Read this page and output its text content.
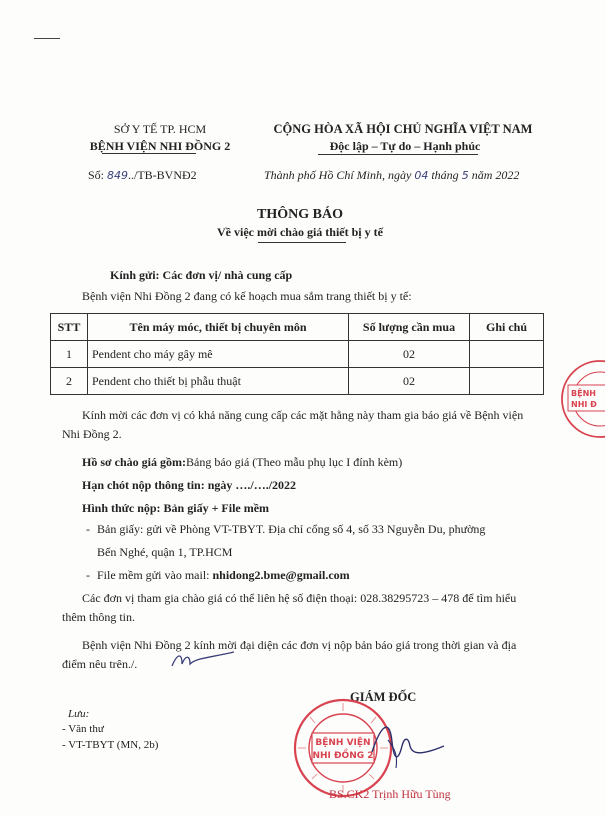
SỞ Y TẾ TP. HCM
BỆNH VIỆN NHI ĐỒNG 2
Số: 849../TB-BVNĐ2
CỘNG HÒA XÃ HỘI CHỦ NGHĨA VIỆT NAM
Độc lập – Tự do – Hạnh phúc
Thành phố Hồ Chí Minh, ngày 04 tháng 5 năm 2022
THÔNG BÁO
Về việc mời chào giá thiết bị y tế
Kính gửi: Các đơn vị/ nhà cung cấp
Bệnh viện Nhi Đồng 2 đang có kế hoạch mua sắm trang thiết bị y tế:
STT	Tên máy móc, thiết bị chuyên môn	Số lượng cần mua	Ghi chú
1	Pendent cho máy gây mê	02	
2	Pendent cho thiết bị phẫu thuật	02	
Kính mời các đơn vị có khả năng cung cấp các mặt hằng này tham gia báo giá về Bệnh viện Nhi Đồng 2.
Hồ sơ chào giá gồm:Bảng báo giá (Theo mẫu phụ lục I đính kèm)
Hạn chót nộp thông tin: ngày …./…./2022
Hình thức nộp: Bản giấy + File mềm
- Bản giấy: gửi về Phòng VT-TBYT. Địa chỉ cổng số 4, số 33 Nguyễn Du, phường
Bến Nghé, quận 1, TP.HCM
- File mềm gửi vào mail: nhidong2.bme@gmail.com
Các đơn vị tham gia chào giá có thể liên hệ số điện thoại: 028.38295723 – 478 để tìm hiểu thêm thông tin.
Bệnh viện Nhi Đồng 2 kính mời đại diện các đơn vị nộp bản báo giá trong thời gian và địa điểm nêu trên./.
Lưu:
- Văn thư
- VT-TBYT (MN, 2b)
GIÁM ĐỐC
BỆNH VIỆN
NHI ĐỒNG 2
BS.CK2 Trịnh Hữu Tùng
BỆNH
NHI Đ
